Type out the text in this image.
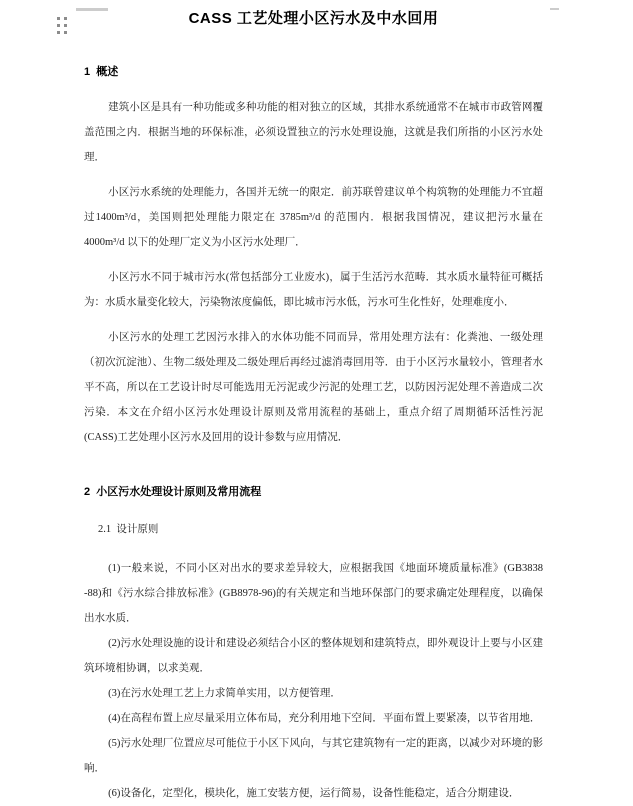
CASS 工艺处理小区污水及中水回用
1  概述

建筑小区是具有一种功能或多种功能的相对独立的区域，其排水系统通常不在城市市政管网覆盖范围之内．根据当地的环保标准，必须设置独立的污水处理设施，这就是我们所指的小区污水处理．

小区污水系统的处理能力，各国并无统一的限定．前苏联曾建议单个构筑物的处理能力不宜超过1400m³/d，美国则把处理能力限定在 3785m³/d 的范围内．根据我国情况，建议把污水量在 4000m³/d 以下的处理厂定义为小区污水处理厂．

小区污水不同于城市污水(常包括部分工业废水)，属于生活污水范畴．其水质水量特征可概括为：水质水量变化较大，污染物浓度偏低，即比城市污水低，污水可生化性好，处理难度小．

小区污水的处理工艺因污水排入的水体功能不同而异，常用处理方法有：化粪池、一级处理（初次沉淀池）、生物二级处理及二级处理后再经过滤消毒回用等．由于小区污水量较小，管理者水平不高，所以在工艺设计时尽可能选用无污泥或少污泥的处理工艺，以防因污泥处理不善造成二次污染．本文在介绍小区污水处理设计原则及常用流程的基础上，重点介绍了周期循环活性污泥(CASS)工艺处理小区污水及回用的设计参数与应用情况．

2  小区污水处理设计原则及常用流程
2.1  设计原则

(1)一般来说，不同小区对出水的要求差异较大，应根据我国《地面环境质量标准》(GB3838 -88)和《污水综合排放标准》(GB8978-96)的有关规定和当地环保部门的要求确定处理程度，以确保出水水质．

(2)污水处理设施的设计和建设必须结合小区的整体规划和建筑特点，即外观设计上要与小区建筑环境相协调，以求美观．

(3)在污水处理工艺上力求简单实用，以方便管理．

(4)在高程布置上应尽量采用立体布局，充分利用地下空间．平面布置上要紧凑，以节省用地．

(5)污水处理厂位置应尽可能位于小区下风向，与其它建筑物有一定的距离，以减少对环境的影响．

(6)设备化，定型化，模块化，施工安装方便，运行简易，设备性能稳定，适合分期建设．
